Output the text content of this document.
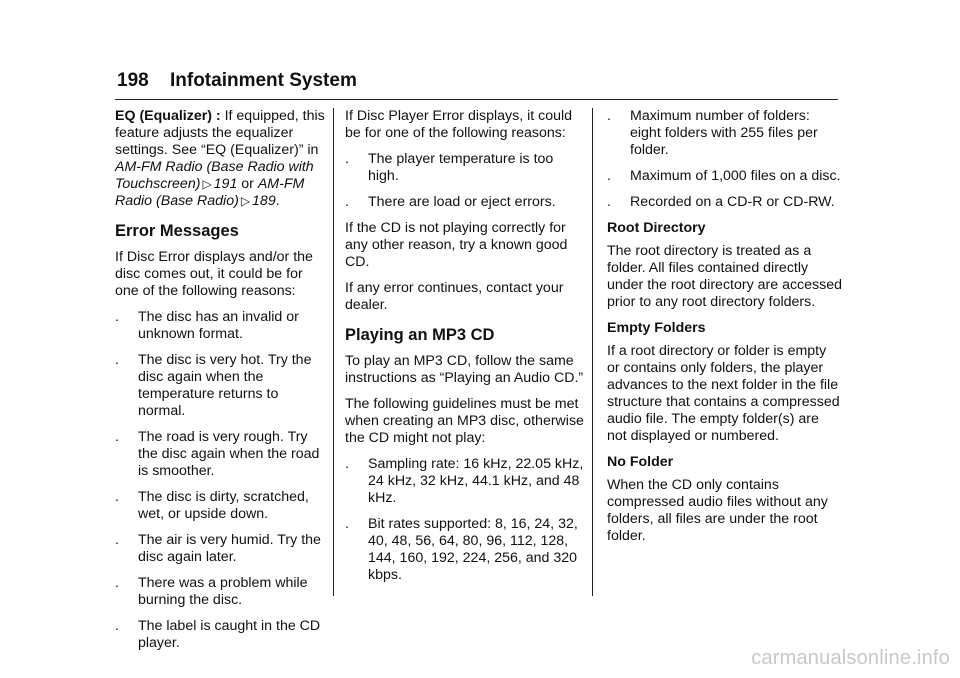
198 Infotainment System

EQ (Equalizer) : If equipped, this feature adjusts the equalizer settings. See “EQ (Equalizer)” in AM-FM Radio (Base Radio with Touchscreen) ▷ 191 or AM-FM Radio (Base Radio) ▷ 189.

Error Messages

If Disc Error displays and/or the disc comes out, it could be for one of the following reasons:

. The disc has an invalid or unknown format.
. The disc is very hot. Try the disc again when the temperature returns to normal.
. The road is very rough. Try the disc again when the road is smoother.
. The disc is dirty, scratched, wet, or upside down.
. The air is very humid. Try the disc again later.
. There was a problem while burning the disc.
. The label is caught in the CD player.

If Disc Player Error displays, it could be for one of the following reasons:

. The player temperature is too high.
. There are load or eject errors.

If the CD is not playing correctly for any other reason, try a known good CD.

If any error continues, contact your dealer.

Playing an MP3 CD

To play an MP3 CD, follow the same instructions as “Playing an Audio CD.”

The following guidelines must be met when creating an MP3 disc, otherwise the CD might not play:

. Sampling rate: 16 kHz, 22.05 kHz, 24 kHz, 32 kHz, 44.1 kHz, and 48 kHz.
. Bit rates supported: 8, 16, 24, 32, 40, 48, 56, 64, 80, 96, 112, 128, 144, 160, 192, 224, 256, and 320 kbps.
. Maximum number of folders: eight folders with 255 files per folder.
. Maximum of 1,000 files on a disc.
. Recorded on a CD-R or CD-RW.
Root Directory

The root directory is treated as a folder. All files contained directly under the root directory are accessed prior to any root directory folders.

Empty Folders

If a root directory or folder is empty or contains only folders, the player advances to the next folder in the file structure that contains a compressed audio file. The empty folder(s) are not displayed or numbered.

No Folder

When the CD only contains compressed audio files without any folders, all files are under the root folder.

carmanualsonline.info
